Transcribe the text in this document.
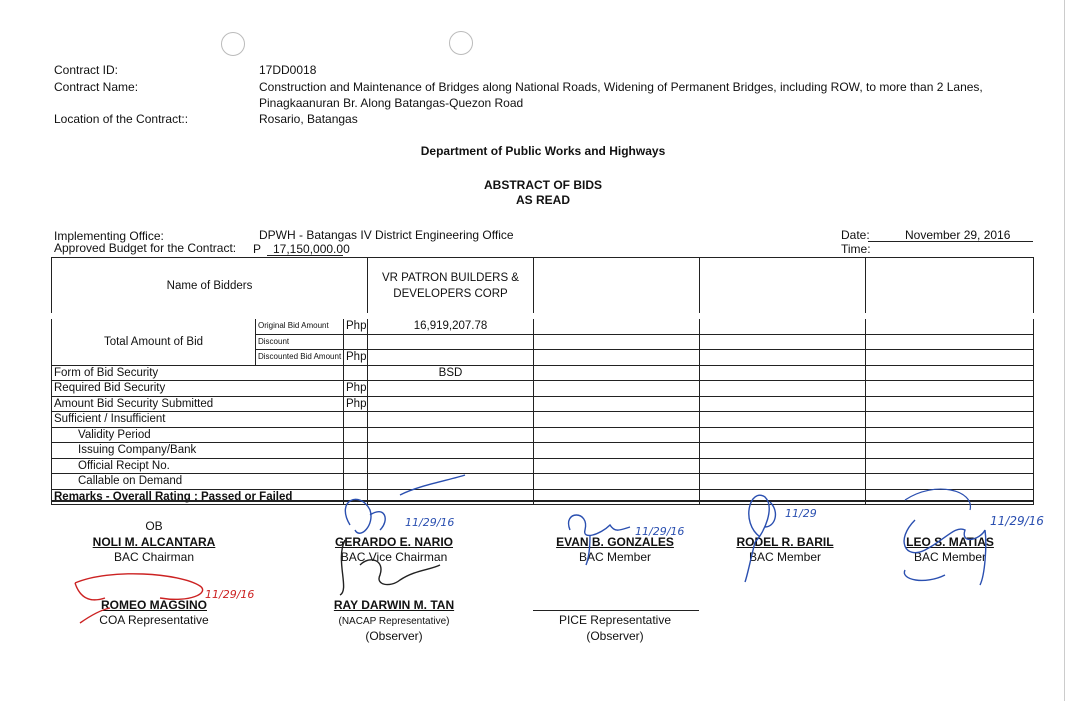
Contract ID:	17DD0018
Contract Name:	Construction and Maintenance of Bridges along National Roads, Widening of Permanent Bridges, including ROW, to more than 2 Lanes,
Pinagkaanuran Br. Along Batangas-Quezon Road
Location of the Contract::	Rosario, Batangas
Department of Public Works and Highways
ABSTRACT OF BIDS
AS READ
Implementing Office:	DPWH - Batangas IV District Engineering Office
Approved Budget for the Contract: P 17,150,000.00
Date:	November 29, 2016
Time:
Name of Bidders			VR PATRON BUILDERS &
DEVELOPERS CORP			
Total Amount of Bid	Original Bid Amount	Php	16,919,207.78			
	Discount					
	Discounted Bid Amount	Php				
Form of Bid Security			BSD			
Required Bid Security		Php				
Amount Bid Security Submitted		Php				
Sufficient / Insufficient						
Validity Period						
Issuing Company/Bank						
Official Recipt No.						
Callable on Demand						
Remarks - Overall Rating : Passed or Failed						
OB
NOLI M. ALCANTARA
BAC Chairman
GERARDO E. NARIO
BAC Vice Chairman
EVAN B. GONZALES
BAC Member
RODEL R. BARIL
BAC Member
LEO S. MATIAS
BAC Member
ROMEO MAGSINO
COA Representative
RAY DARWIN M. TAN
(NACAP Representative)
(Observer)
PICE Representative
(Observer)
11/29/16
11/29/16
11/29
11/29/16
11/29/16
